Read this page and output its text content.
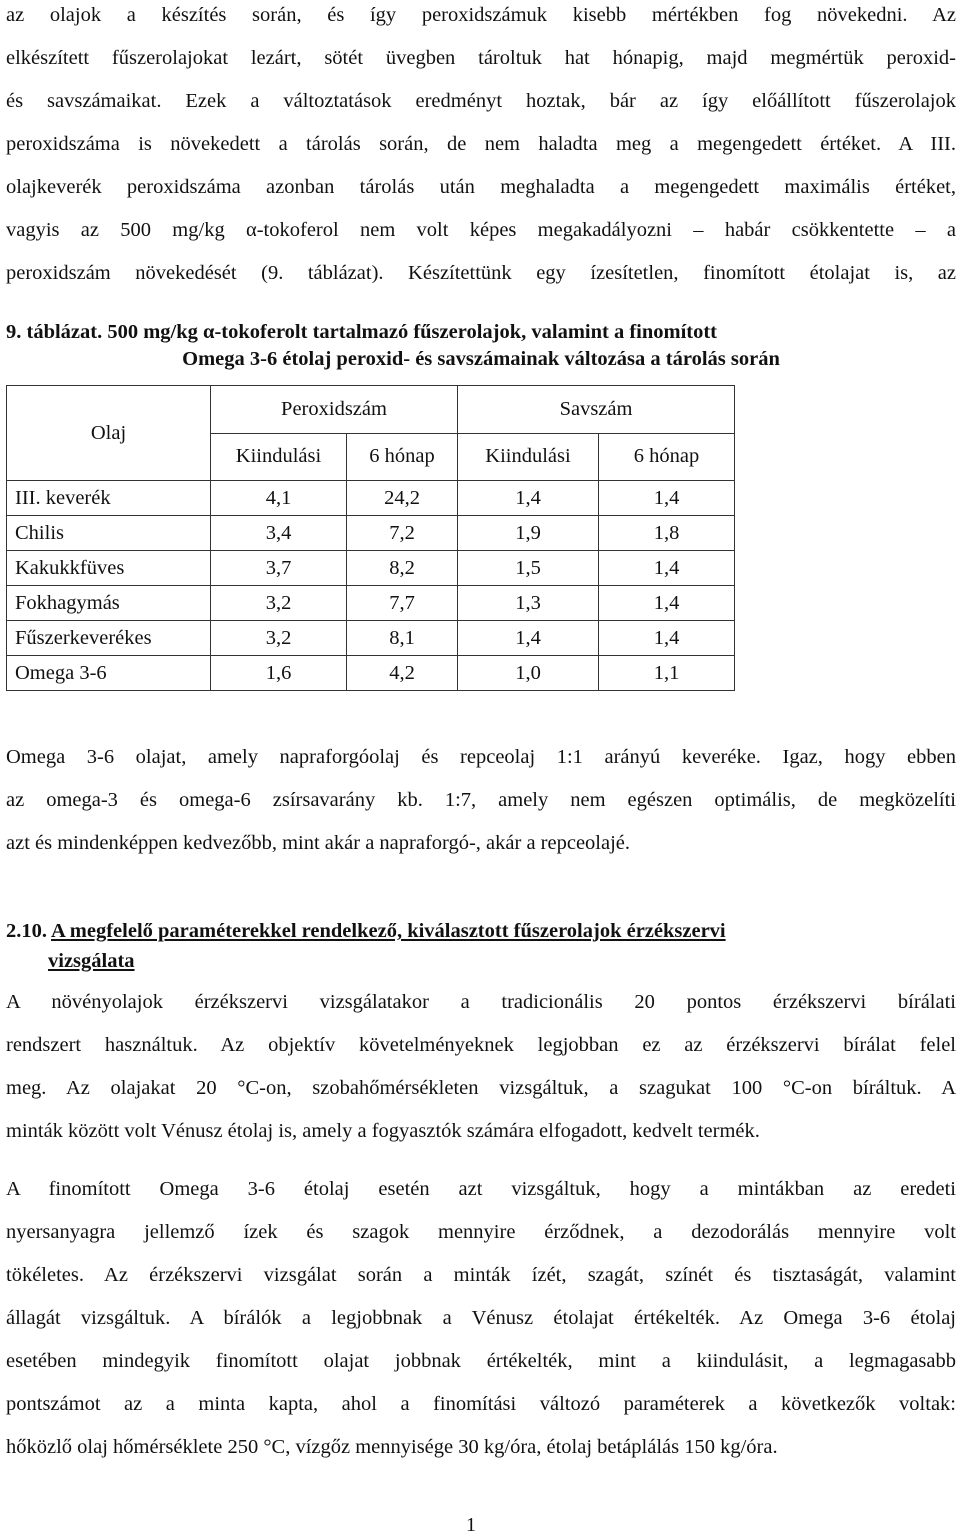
az olajok a készítés során, és így peroxidszámuk kisebb mértékben fog növekedni. Az
elkészített fűszerolajokat lezárt, sötét üvegben tároltuk hat hónapig, majd megmértük peroxid-
és savszámaikat. Ezek a változtatások eredményt hoztak, bár az így előállított fűszerolajok
peroxidszáma is növekedett a tárolás során, de nem haladta meg a megengedett értéket. A III.
olajkeverék peroxidszáma azonban tárolás után meghaladta a megengedett maximális értéket,
vagyis az 500 mg/kg α-tokoferol nem volt képes megakadályozni – habár csökkentette – a
peroxidszám növekedését (9. táblázat). Készítettünk egy ízesítetlen, finomított étolajat is, az
9. táblázat. 500 mg/kg α-tokoferolt tartalmazó fűszerolajok, valamint a finomított
Omega 3-6 étolaj peroxid- és savszámainak változása a tárolás során
Olaj	Peroxidszám		Savszám	
	Kiindulási	6 hónap	Kiindulási	6 hónap
III. keverék	4,1	24,2	1,4	1,4
Chilis	3,4	7,2	1,9	1,8
Kakukkfüves	3,7	8,2	1,5	1,4
Fokhagymás	3,2	7,7	1,3	1,4
Fűszerkeverékes	3,2	8,1	1,4	1,4
Omega 3-6	1,6	4,2	1,0	1,1
Omega 3-6 olajat, amely napraforgóolaj és repceolaj 1:1 arányú keveréke. Igaz, hogy ebben
az omega-3 és omega-6 zsírsavarány kb. 1:7, amely nem egészen optimális, de megközelíti
azt és mindenképpen kedvezőbb, mint akár a napraforgó-, akár a repceolajé.
2.10. A megfelelő paraméterekkel rendelkező, kiválasztott fűszerolajok érzékszervi
vizsgálata
A növényolajok érzékszervi vizsgálatakor a tradicionális 20 pontos érzékszervi bírálati
rendszert használtuk. Az objektív követelményeknek legjobban ez az érzékszervi bírálat felel
meg. Az olajakat 20 °C-on, szobahőmérsékleten vizsgáltuk, a szagukat 100 °C-on bíráltuk. A
minták között volt Vénusz étolaj is, amely a fogyasztók számára elfogadott, kedvelt termék.
A finomított Omega 3-6 étolaj esetén azt vizsgáltuk, hogy a mintákban az eredeti
nyersanyagra jellemző ízek és szagok mennyire érződnek, a dezodorálás mennyire volt
tökéletes. Az érzékszervi vizsgálat során a minták ízét, szagát, színét és tisztaságát, valamint
állagát vizsgáltuk. A bírálók a legjobbnak a Vénusz étolajat értékelték. Az Omega 3-6 étolaj
esetében mindegyik finomított olajat jobbnak értékelték, mint a kiindulásit, a legmagasabb
pontszámot az a minta kapta, ahol a finomítási változó paraméterek a következők voltak:
hőközlő olaj hőmérséklete 250 °C, vízgőz mennyisége 30 kg/óra, étolaj betáplálás 150 kg/óra.
1
